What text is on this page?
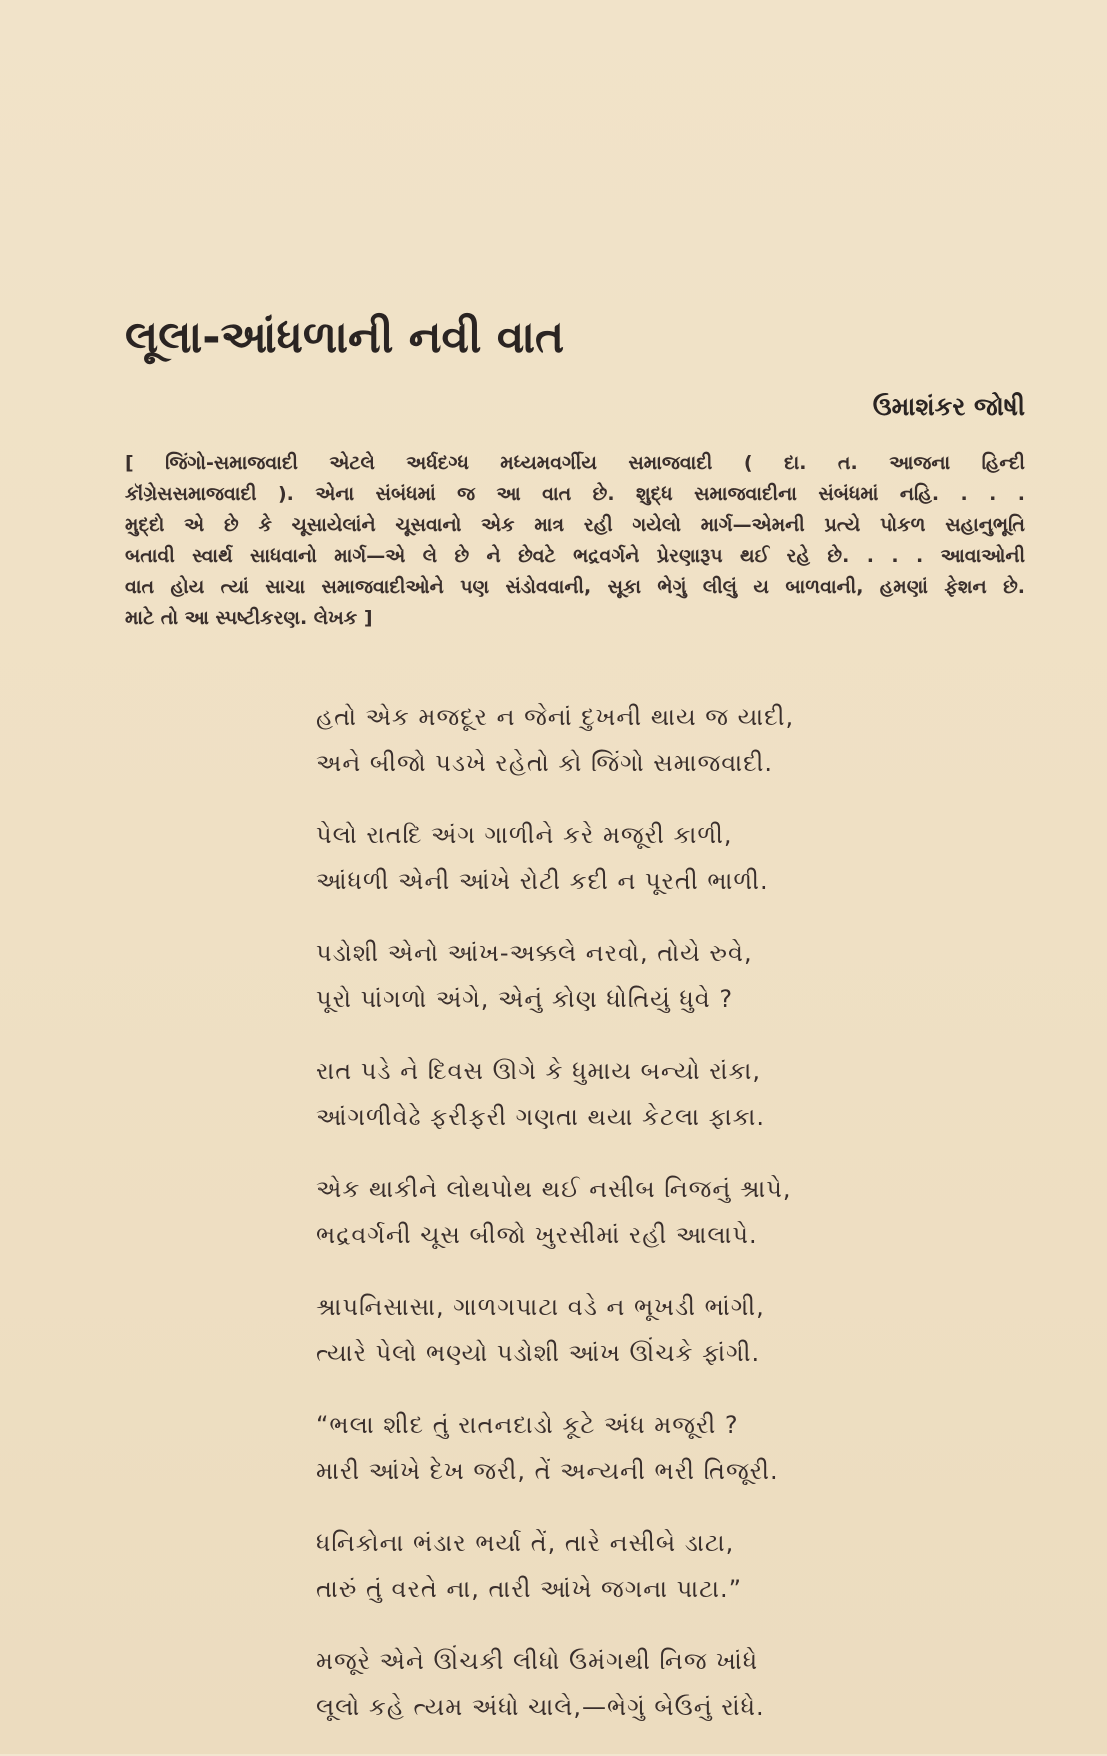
લૂલા-આંધળાની નવી વાત
ઉમાશંકર જોષી
[ જિંગો-સમાજવાદી એટલે અર્ધદગ્ધ મધ્યમવર્ગીય સમાજવાદી ( દા. ત. આજના હિન્દી
કૉંગ્રેસસમાજવાદી ). એના સંબંધમાં જ આ વાત છે. શુદ્ધ સમાજવાદીના સંબંધમાં નહિ. . . .
મુદ્દો એ છે કે ચૂસાયેલાંને ચૂસવાનો એક માત્ર રહી ગયેલો માર્ગ—એમની પ્રત્યે પોકળ સહાનુભૂતિ
બતાવી સ્વાર્થ સાધવાનો માર્ગ—એ લે છે ને છેવટે ભદ્રવર્ગને પ્રેરણારૂપ થઈ રહે છે. . . . આવાઓની
વાત હોય ત્યાં સાચા સમાજવાદીઓને પણ સંડોવવાની, સૂકા ભેગું લીલું ય બાળવાની, હમણાં ફેશન છે.
માટે તો આ સ્પષ્ટીકરણ. લેખક ]
હતો એક મજદૂર ન જેનાં દુખની થાય જ યાદી,
અને બીજો પડખે રહેતો કો જિંગો સમાજવાદી.
પેલો રાતદિ અંગ ગાળીને કરે મજૂરી કાળી,
આંધળી એની આંખે રોટી કદી ન પૂરતી ભાળી.
પડોશી એનો આંખ-અક્કલે નરવો, તોયે રુવે,
પૂરો પાંગળો અંગે, એનું કોણ ધોતિયું ધુવે ?
રાત પડે ને દિવસ ઊગે કે ધુમાય બન્યો રાંકા,
આંગળીવેઢે ફરીફરી ગણતા થયા કેટલા ફાકા.
એક થાકીને લોથપોથ થઈ નસીબ નિજનું શ્રાપે,
ભદ્રવર્ગની ચૂસ બીજો ખુરસીમાં રહી આલાપે.
શ્રાપનિસાસા, ગાળગપાટા વડે ન ભૂખડી ભાંગી,
ત્યારે પેલો ભણ્યો પડોશી આંખ ઊંચકે ફાંગી.
“ભલા શીદ તું રાતનદાડો કૂટે અંધ મજૂરી ?
મારી આંખે દેખ જરી, તેં અન્યની ભરી તિજૂરી.
ધનિકોના ભંડાર ભર્યા તેં, તારે નસીબે ડાટા,
તારું તું વરતે ના, તારી આંખે જગના પાટા.”
મજૂરે એને ઊંચકી લીધો ઉમંગથી નિજ ખાંધે
લૂલો કહે ત્યમ અંધો ચાલે,—ભેગું બેઉનું રાંધે.
